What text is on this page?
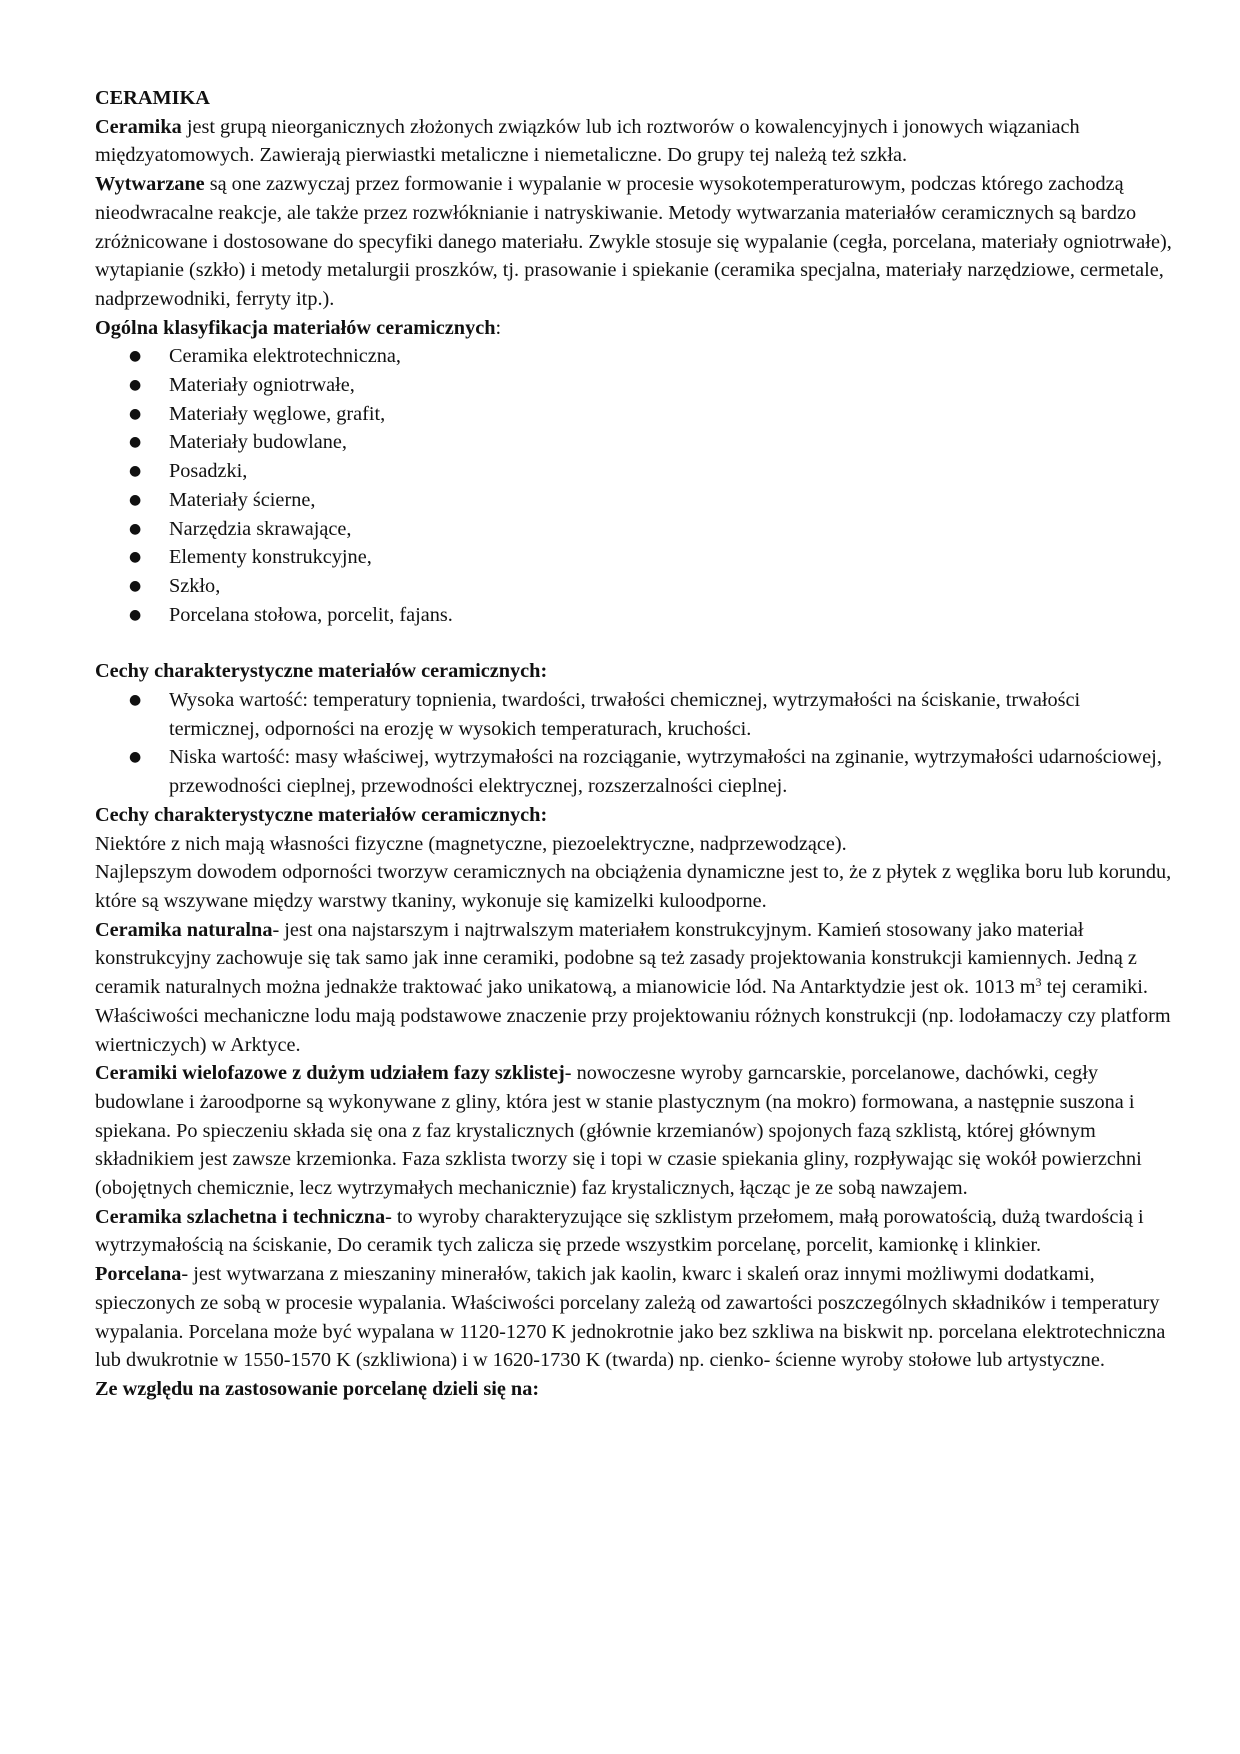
CERAMIKA

Ceramika jest grupą nieorganicznych złożonych związków lub ich roztworów o kowalencyjnych i jonowych wiązaniach międzyatomowych. Zawierają pierwiastki metaliczne i niemetaliczne. Do grupy tej należą też szkła.

Wytwarzane są one zazwyczaj przez formowanie i wypalanie w procesie wysokotemperaturowym, podczas którego zachodzą nieodwracalne reakcje, ale także przez rozwłóknianie i natryskiwanie. Metody wytwarzania materiałów ceramicznych są bardzo zróżnicowane i dostosowane do specyfiki danego materiału. Zwykle stosuje się wypalanie (cegła, porcelana, materiały ogniotrwałe), wytapianie (szkło) i metody metalurgii proszków, tj. prasowanie i spiekanie (ceramika specjalna, materiały narzędziowe, cermetale, nadprzewodniki, ferryty itp.).

Ogólna klasyfikacja materiałów ceramicznych:

● Ceramika elektrotechniczna,
● Materiały ogniotrwałe,
● Materiały węglowe, grafit,
● Materiały budowlane,
● Posadzki,
● Materiały ścierne,
● Narzędzia skrawające,
● Elementy konstrukcyjne,
● Szkło,
● Porcelana stołowa, porcelit, fajans.

Cechy charakterystyczne materiałów ceramicznych:

● Wysoka wartość: temperatury topnienia, twardości, trwałości chemicznej, wytrzymałości na ściskanie, trwałości termicznej, odporności na erozję w wysokich temperaturach, kruchości.
● Niska wartość: masy właściwej, wytrzymałości na rozciąganie, wytrzymałości na zginanie, wytrzymałości udarnościowej, przewodności cieplnej, przewodności elektrycznej, rozszerzalności cieplnej.

Cechy charakterystyczne materiałów ceramicznych:

Niektóre z nich mają własności fizyczne (magnetyczne, piezoelektryczne, nadprzewodzące).

Najlepszym dowodem odporności tworzyw ceramicznych na obciążenia dynamiczne jest to, że z płytek z węglika boru lub korundu, które są wszywane między warstwy tkaniny, wykonuje się kamizelki kuloodporne.

Ceramika naturalna- jest ona najstarszym i najtrwalszym materiałem konstrukcyjnym. Kamień stosowany jako materiał konstrukcyjny zachowuje się tak samo jak inne ceramiki, podobne są też zasady projektowania konstrukcji kamiennych. Jedną z ceramik naturalnych można jednakże traktować jako unikatową, a mianowicie lód. Na Antarktydzie jest ok. 1013 $m^3$ tej ceramiki. Właściwości mechaniczne lodu mają podstawowe znaczenie przy projektowaniu różnych konstrukcji (np. lodołamaczy czy platform wiertniczych) w Arktyce.

Ceramiki wielofazowe z dużym udziałem fazy szklistej- nowoczesne wyroby garncarskie, porcelanowe, dachówki, cegły budowlane i żaroodporne są wykonywane z gliny, która jest w stanie plastycznym (na mokro) formowana, a następnie suszona i spiekana. Po spieczeniu składa się ona z faz krystalicznych (głównie krzemianów) spojonych fazą szklistą, której głównym składnikiem jest zawsze krzemionka. Faza szklista tworzy się i topi w czasie spiekania gliny, rozpływając się wokół powierzchni (obojętnych chemicznie, lecz wytrzymałych mechanicznie) faz krystalicznych, łącząc je ze sobą nawzajem.

Ceramika szlachetna i techniczna- to wyroby charakteryzujące się szklistym przełomem, małą porowatością, dużą twardością i wytrzymałością na ściskanie, Do ceramik tych zalicza się przede wszystkim porcelanę, porcelit, kamionkę i klinkier.

Porcelana- jest wytwarzana z mieszaniny minerałów, takich jak kaolin, kwarc i skaleń oraz innymi możliwymi dodatkami, spieczonych ze sobą w procesie wypalania. Właściwości porcelany zależą od zawartości poszczególnych składników i temperatury wypalania. Porcelana może być wypalana w 1120-1270 K jednokrotnie jako bez szkliwa na biskwit np. porcelana elektrotechniczna lub dwukrotnie w 1550-1570 K (szkliwiona) i w 1620-1730 K (twarda) np. cienko- ścienne wyroby stołowe lub artystyczne.

Ze względu na zastosowanie porcelanę dzieli się na:
